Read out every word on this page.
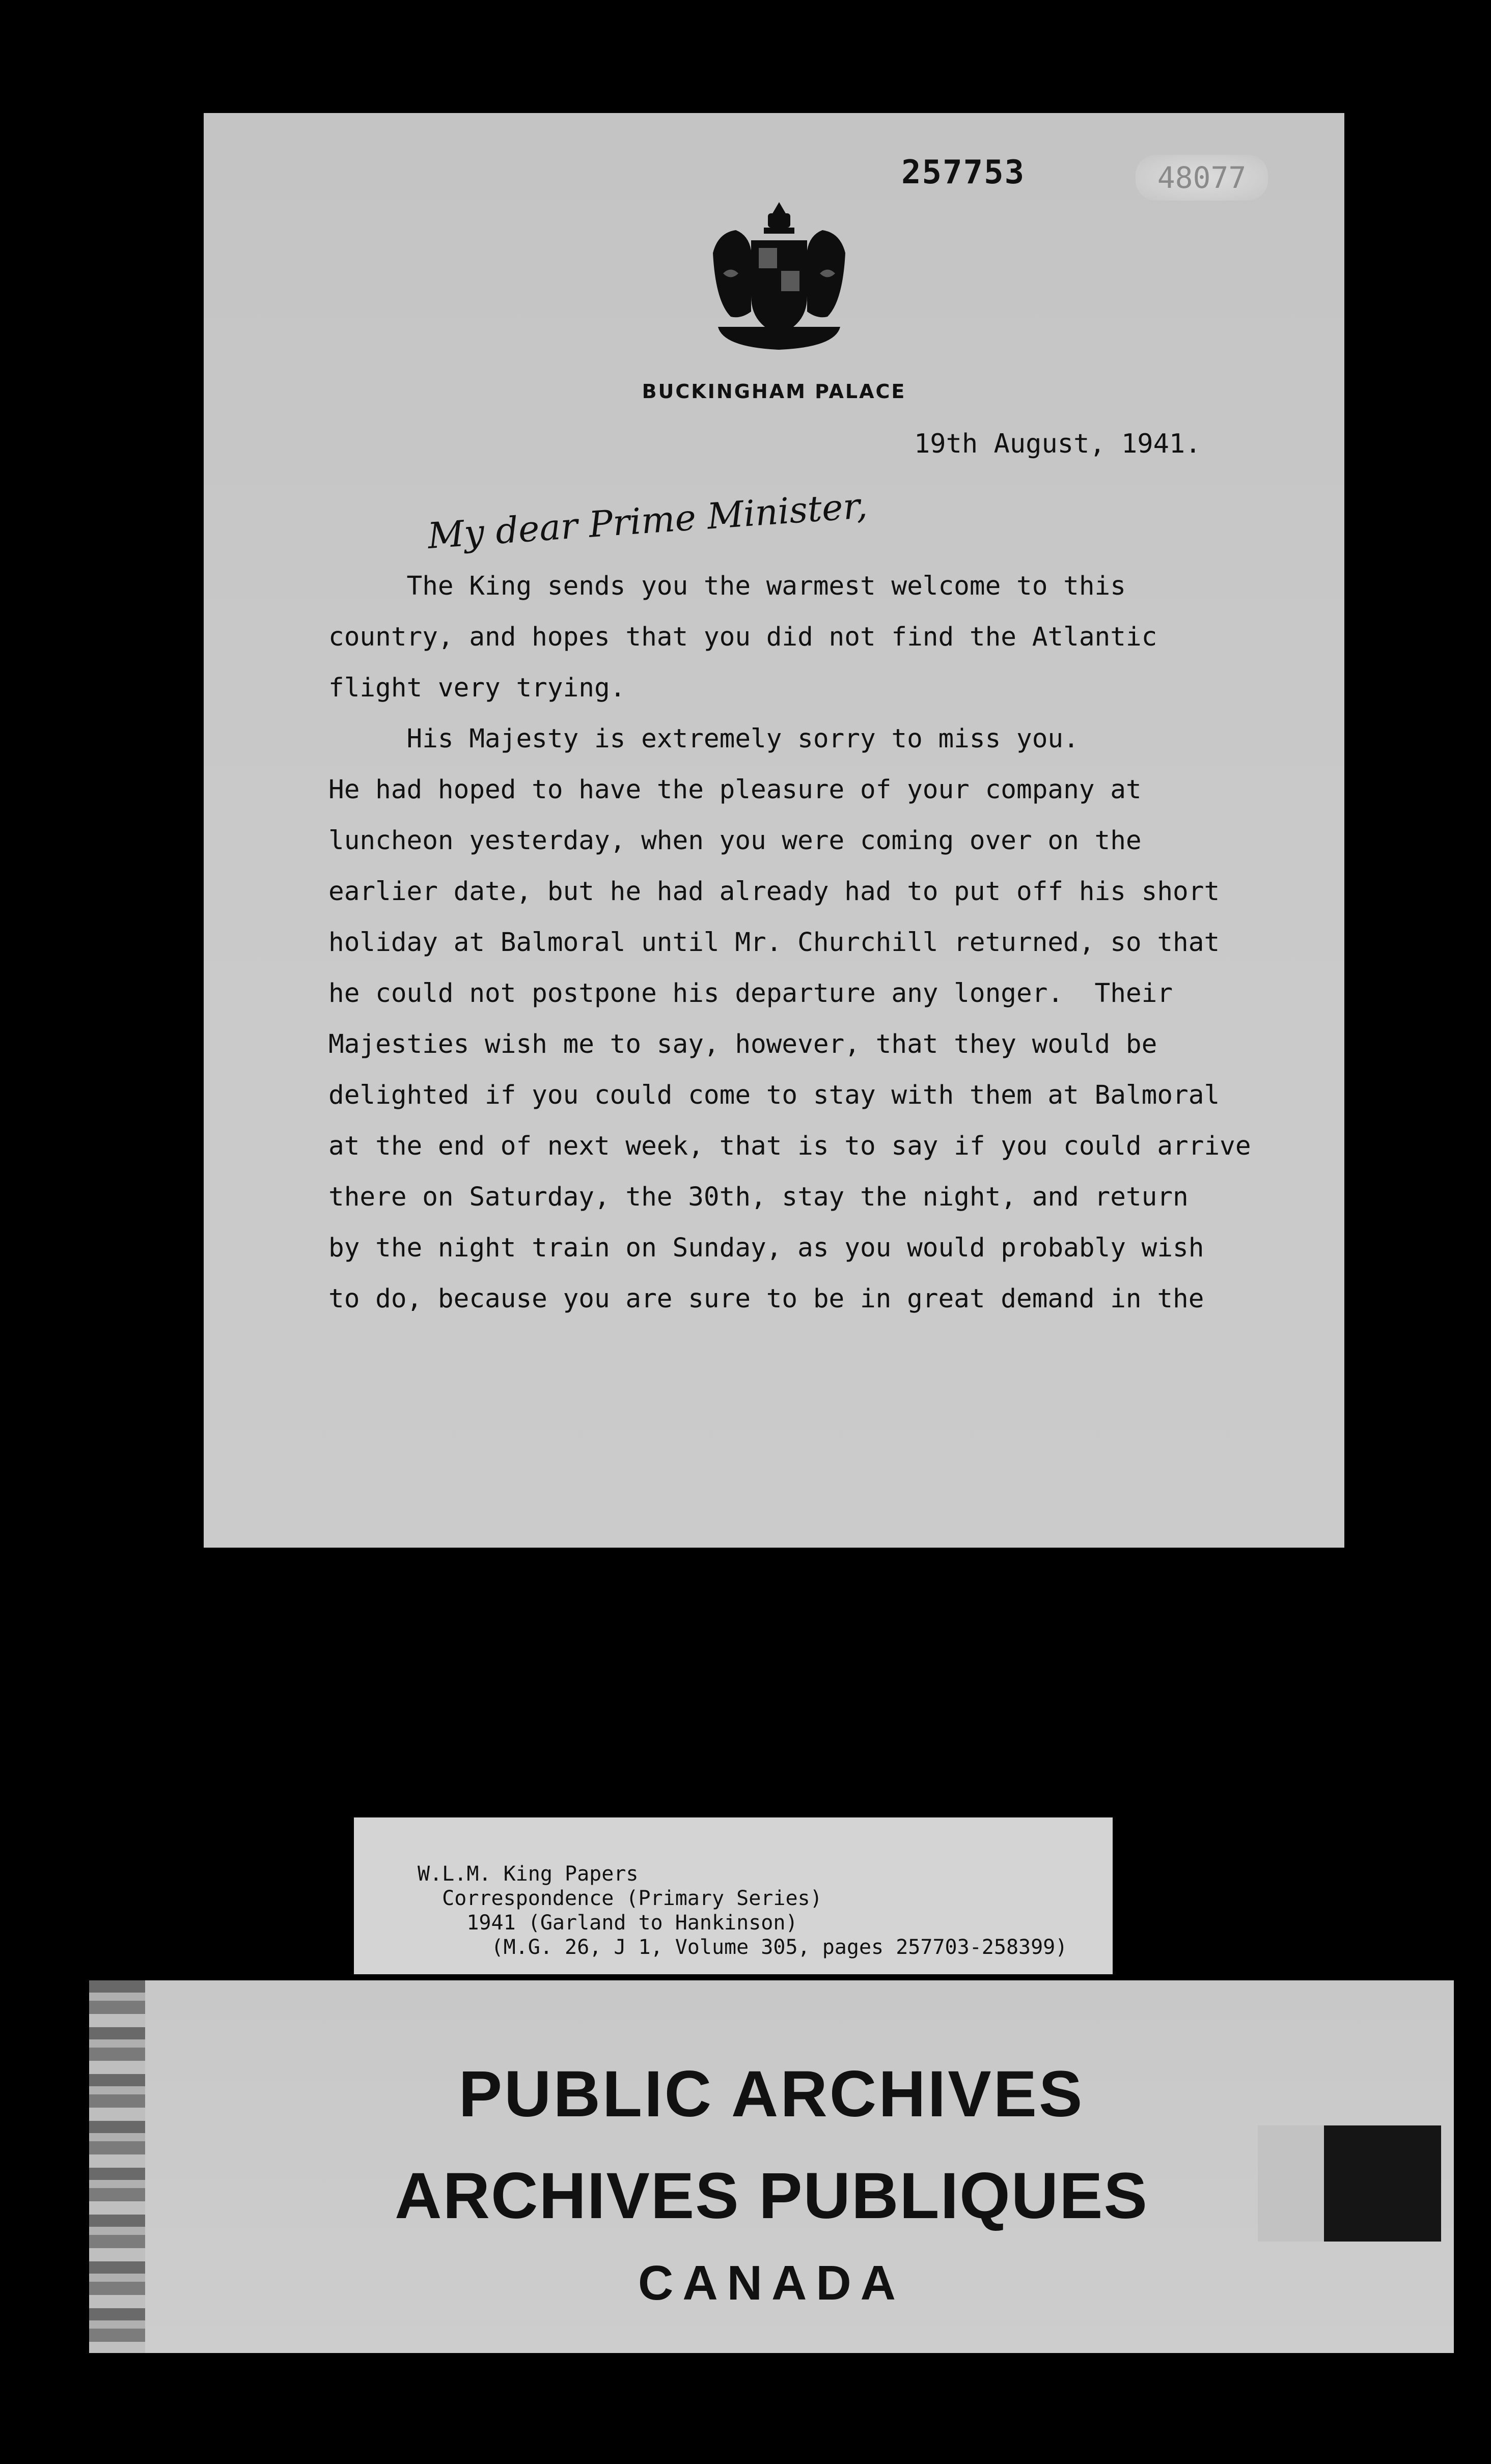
257753	48077
BUCKINGHAM PALACE
19th August, 1941.
My dear Prime Minister,
The King sends you the warmest welcome to this
country, and hopes that you did not find the Atlantic
flight very trying.
His Majesty is extremely sorry to miss you.
He had hoped to have the pleasure of your company at
luncheon yesterday, when you were coming over on the
earlier date, but he had already had to put off his short
holiday at Balmoral until Mr. Churchill returned, so that
he could not postpone his departure any longer.  Their
Majesties wish me to say, however, that they would be
delighted if you could come to stay with them at Balmoral
at the end of next week, that is to say if you could arrive
there on Saturday, the 30th, stay the night, and return
by the night train on Sunday, as you would probably wish
to do, because you are sure to be in great demand in the
W.L.M. King Papers
Correspondence (Primary Series)
1941 (Garland to Hankinson)
(M.G. 26, J 1, Volume 305, pages 257703-258399)
PUBLIC ARCHIVES
ARCHIVES PUBLIQUES
CANADA
